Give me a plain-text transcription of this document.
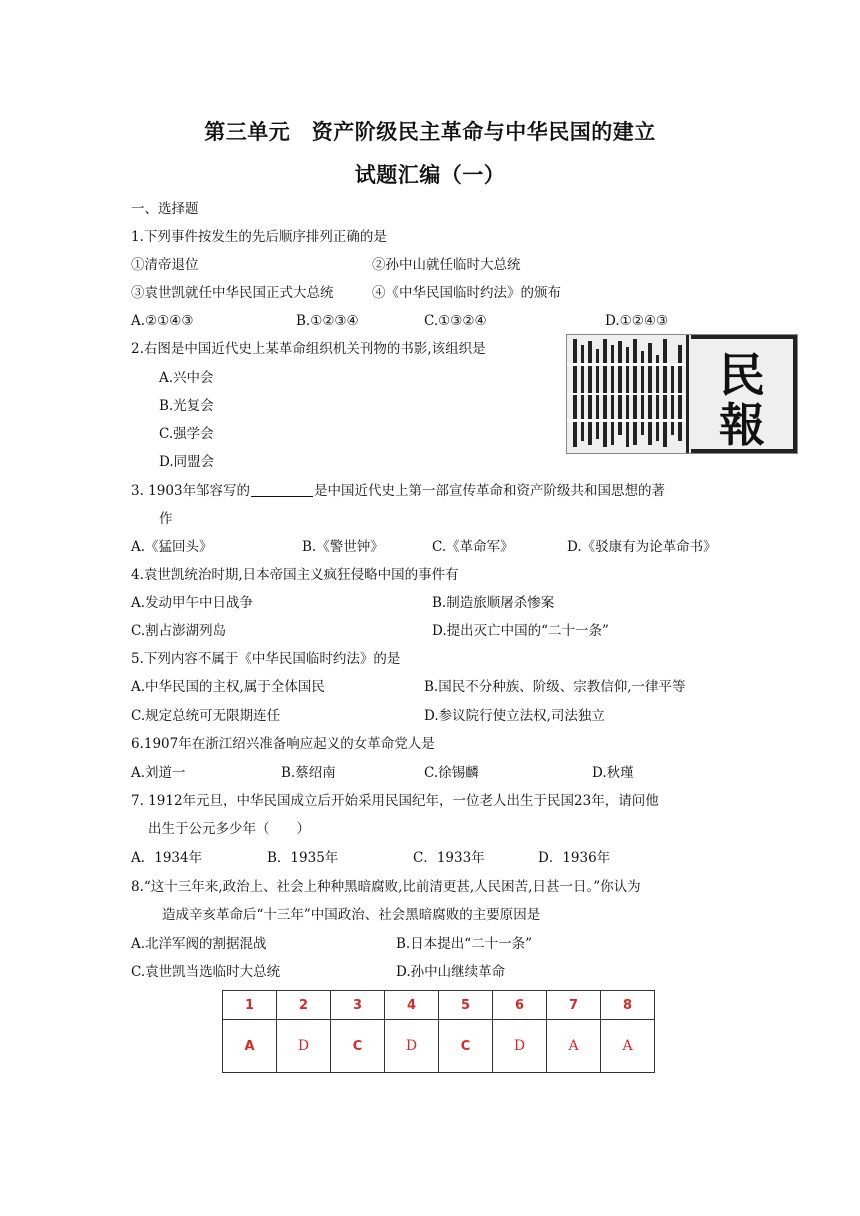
第三单元　资产阶级民主革命与中华民国的建立
试题汇编（一）
一、选择题
1.下列事件按发生的先后顺序排列正确的是
①清帝退位	②孙中山就任临时大总统
③袁世凯就任中华民国正式大总统	④《中华民国临时约法》的颁布
A.②①④③	B.①②③④	C.①③②④	D.①②④③
2.右图是中国近代史上某革命组织机关刊物的书影,该组织是
A.兴中会
B.光复会
C.强学会
D.同盟会
民
報
3. 1903年邹容写的	是中国近代史上第一部宣传革命和资产阶级共和国思想的著
作
A.《猛回头》	B.《警世钟》	C.《革命军》	D.《驳康有为论革命书》
4.袁世凯统治时期,日本帝国主义疯狂侵略中国的事件有
A.发动甲午中日战争	B.制造旅顺屠杀惨案
C.割占澎湖列岛	D.提出灭亡中国的“二十一条”
5.下列内容不属于《中华民国临时约法》的是
A.中华民国的主权,属于全体国民	B.国民不分种族、阶级、宗教信仰,一律平等
C.规定总统可无限期连任	D.参议院行使立法权,司法独立
6.1907年在浙江绍兴准备响应起义的女革命党人是
A.刘道一	B.蔡绍南	C.徐锡麟	D.秋瑾
7. 1912年元旦，中华民国成立后开始采用民国纪年，一位老人出生于民国23年，请问他
出生于公元多少年（　　）
A．1934年	B．1935年	C．1933年	D．1936年
8.“这十三年来,政治上、社会上种种黑暗腐败,比前清更甚,人民困苦,日甚一日。”你认为
造成辛亥革命后“十三年”中国政治、社会黑暗腐败的主要原因是
A.北洋军阀的割据混战	B.日本提出“二十一条”
C.袁世凯当选临时大总统	D.孙中山继续革命
1	2	3	4	5	6	7	8
A	D	C	D	C	D	A	A
